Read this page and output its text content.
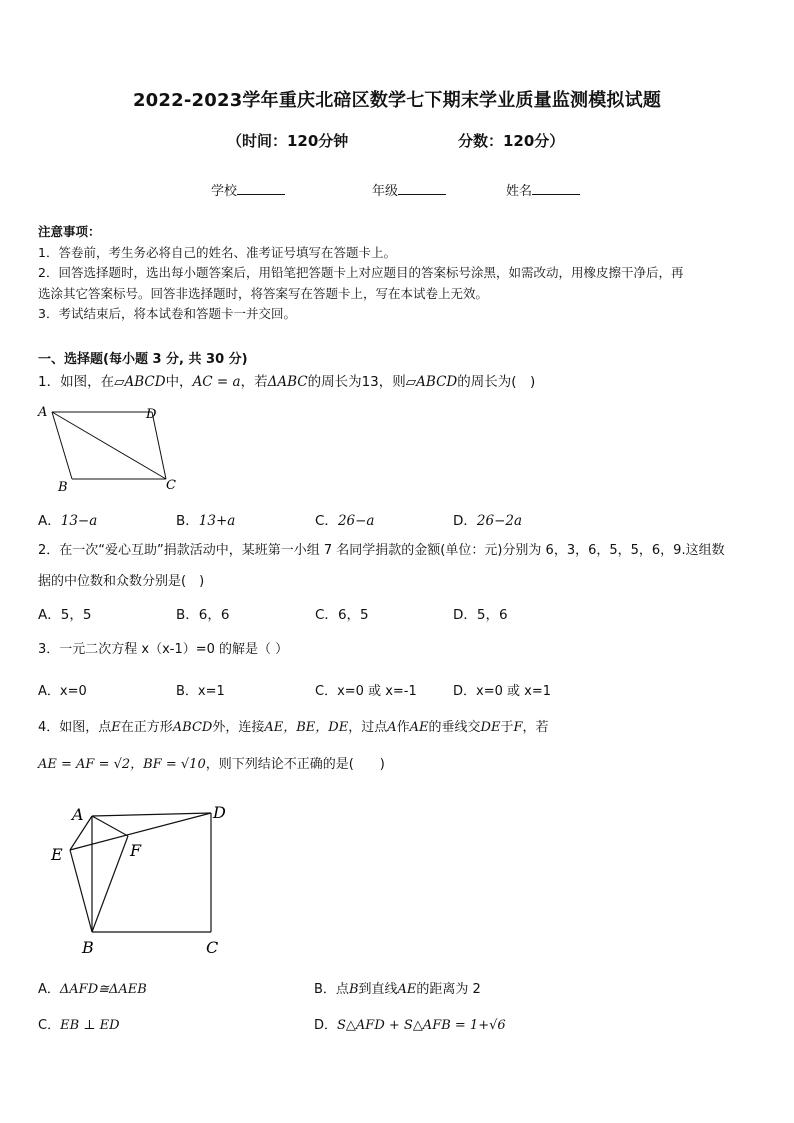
2022-2023学年重庆北碚区数学七下期末学业质量监测模拟试题
（时间：120分钟	分数：120分）
学校	年级	姓名

注意事项：

1．答卷前，考生务必将自己的姓名、准考证号填写在答题卡上。

2．回答选择题时，选出每小题答案后，用铅笔把答题卡上对应题目的答案标号涂黑，如需改动，用橡皮擦干净后，再

选涂其它答案标号。回答非选择题时，将答案写在答题卡上，写在本试卷上无效。

3．考试结束后，将本试卷和答题卡一并交回。

一、选择题(每小题 3 分, 共 30 分)
1．如图，在▱ABCD中，AC = a，若ΔABC的周长为13，则▱ABCD的周长为(　)
A	D
B	C
A．13−a	B．13+a	C．26−a	D．26−2a
2．在一次“爱心互助”捐款活动中，某班第一小组 7 名同学捐款的金额(单位：元)分别为 6，3，6，5，5，6，9.这组数
据的中位数和众数分别是(　)
A．5，5	B．6，6	C．6，5	D．5，6
3．一元二次方程 x（x-1）=0 的解是（ ）
A．x=0	B．x=1	C．x=0 或 x=-1	D．x=0 或 x=1
4．如图，点E在正方形ABCD外，连接AE，BE，DE，过点A作AE的垂线交DE于F，若
AE = AF = √2，BF = √10，则下列结论不正确的是(　　)
A	D
E	F
B	C
A．ΔAFD≅ΔAEB	B．点B到直线AE的距离为 2
C．EB ⊥ ED	D．S△AFD + S△AFB = 1+√6
